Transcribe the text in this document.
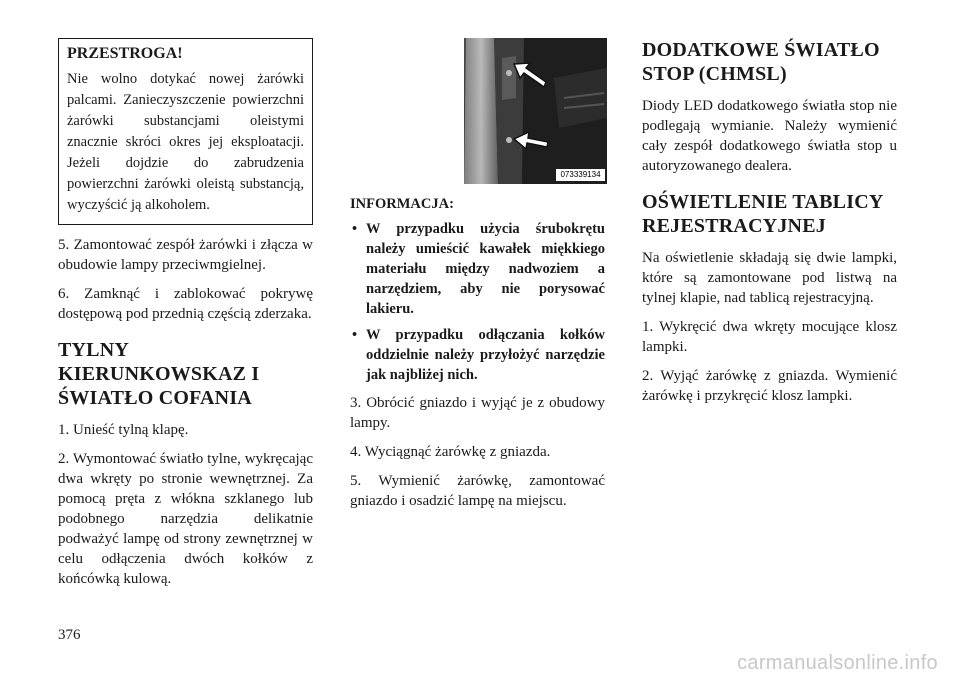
PRZESTROGA!

Nie wolno dotykać nowej żarówki palcami. Zanieczyszczenie powierzchni żarówki substancjami oleistymi znacznie skróci okres jej eksploatacji. Jeżeli dojdzie do zabrudzenia powierzchni żarówki oleistą substancją, wyczyścić ją alkoholem.

5. Zamontować zespół żarówki i złącza w obudowie lampy przeciwmgielnej.

6. Zamknąć i zablokować pokrywę dostępową pod przednią częścią zderzaka.

TYLNY KIERUNKOWSKAZ I ŚWIATŁO COFANIA

1. Unieść tylną klapę.

2. Wymontować światło tylne, wykręcając dwa wkręty po stronie wewnętrznej. Za pomocą pręta z włókna szklanego lub podobnego narzędzia delikatnie podważyć lampę od strony zewnętrznej w celu odłączenia dwóch kołków z końcówką kulową.

073339134
INFORMACJA:
• W przypadku użycia śrubokrętu należy umieścić kawałek miękkiego materiału między nadwoziem a narzędziem, aby nie porysować lakieru.
• W przypadku odłączania kołków oddzielnie należy przyłożyć narzędzie jak najbliżej nich.

3. Obrócić gniazdo i wyjąć je z obudowy lampy.

4. Wyciągnąć żarówkę z gniazda.

5. Wymienić żarówkę, zamontować gniazdo i osadzić lampę na miejscu.

DODATKOWE ŚWIATŁO STOP (CHMSL)

Diody LED dodatkowego światła stop nie podlegają wymianie. Należy wymienić cały zespół dodatkowego światła stop u autoryzowanego dealera.

OŚWIETLENIE TABLICY REJESTRACYJNEJ

Na oświetlenie składają się dwie lampki, które są zamontowane pod listwą na tylnej klapie, nad tablicą rejestracyjną.

1. Wykręcić dwa wkręty mocujące klosz lampki.

2. Wyjąć żarówkę z gniazda. Wymienić żarówkę i przykręcić klosz lampki.

376
carmanualsonline.info
